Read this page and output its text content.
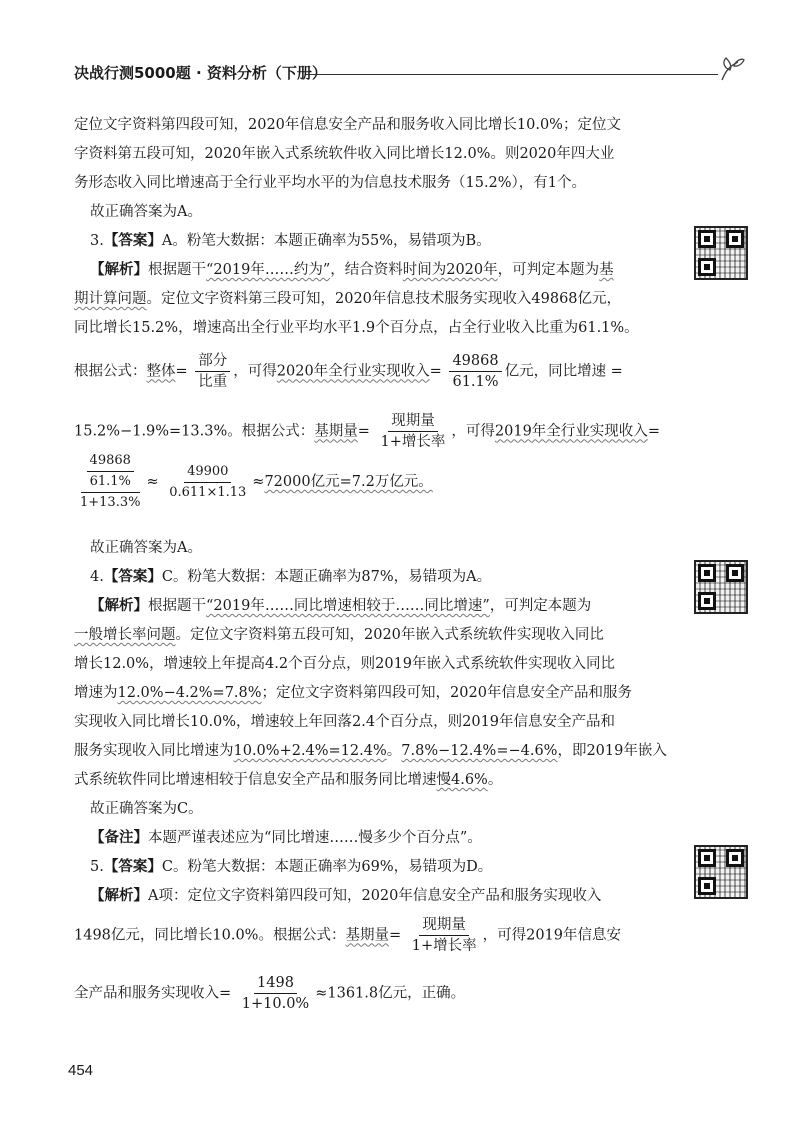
决战行测5000题 · 资料分析（下册）
定位文字资料第四段可知，2020年信息安全产品和服务收入同比增长10.0%；定位文
字资料第五段可知，2020年嵌入式系统软件收入同比增长12.0%。则2020年四大业
务形态收入同比增速高于全行业平均水平的为信息技术服务（15.2%），有1个。
故正确答案为A。
3.【答案】A。粉笔大数据：本题正确率为55%，易错项为B。
【解析】根据题干“2019年……约为”，结合资料时间为2020年，可判定本题为基
期计算问题。定位文字资料第三段可知，2020年信息技术服务实现收入49868亿元，
同比增长15.2%，增速高出全行业平均水平1.9个百分点，占全行业收入比重为61.1%。
根据公式：整体= $\frac{\text{部分}}{\text{比重}}$ ，可得2020年全行业实现收入= $\frac{49868}{61.1\%}$ 亿元，同比增速 =
15.2%−1.9%=13.3%。根据公式：基期量= $\frac{\text{现期量}}{\text{1+增长率}}$ ，可得2019年全行业实现收入=
$\frac{\frac{49868}{61.1\%}}{1+13.3\%} \approx \frac{49900}{0.611\times 1.13} \approx 72000$亿元=7.2万亿元。
故正确答案为A。
4.【答案】C。粉笔大数据：本题正确率为87%，易错项为A。
【解析】根据题干“2019年……同比增速相较于……同比增速”，可判定本题为
一般增长率问题。定位文字资料第五段可知，2020年嵌入式系统软件实现收入同比
增长12.0%，增速较上年提高4.2个百分点，则2019年嵌入式系统软件实现收入同比
增速为12.0%−4.2%=7.8%；定位文字资料第四段可知，2020年信息安全产品和服务
实现收入同比增长10.0%，增速较上年回落2.4个百分点，则2019年信息安全产品和
服务实现收入同比增速为10.0%+2.4%=12.4%。7.8%−12.4%=−4.6%，即2019年嵌入
式系统软件同比增速相较于信息安全产品和服务同比增速慢4.6%。
故正确答案为C。
【备注】本题严谨表述应为“同比增速……慢多少个百分点”。
5.【答案】C。粉笔大数据：本题正确率为69%，易错项为D。
【解析】A项：定位文字资料第四段可知，2020年信息安全产品和服务实现收入
1498亿元，同比增长10.0%。根据公式：基期量= $\frac{\text{现期量}}{\text{1+增长率}}$ ，可得2019年信息安
全产品和服务实现收入= $\frac{1498}{1+10.0\%} \approx 1361.8$亿元，正确。
454
